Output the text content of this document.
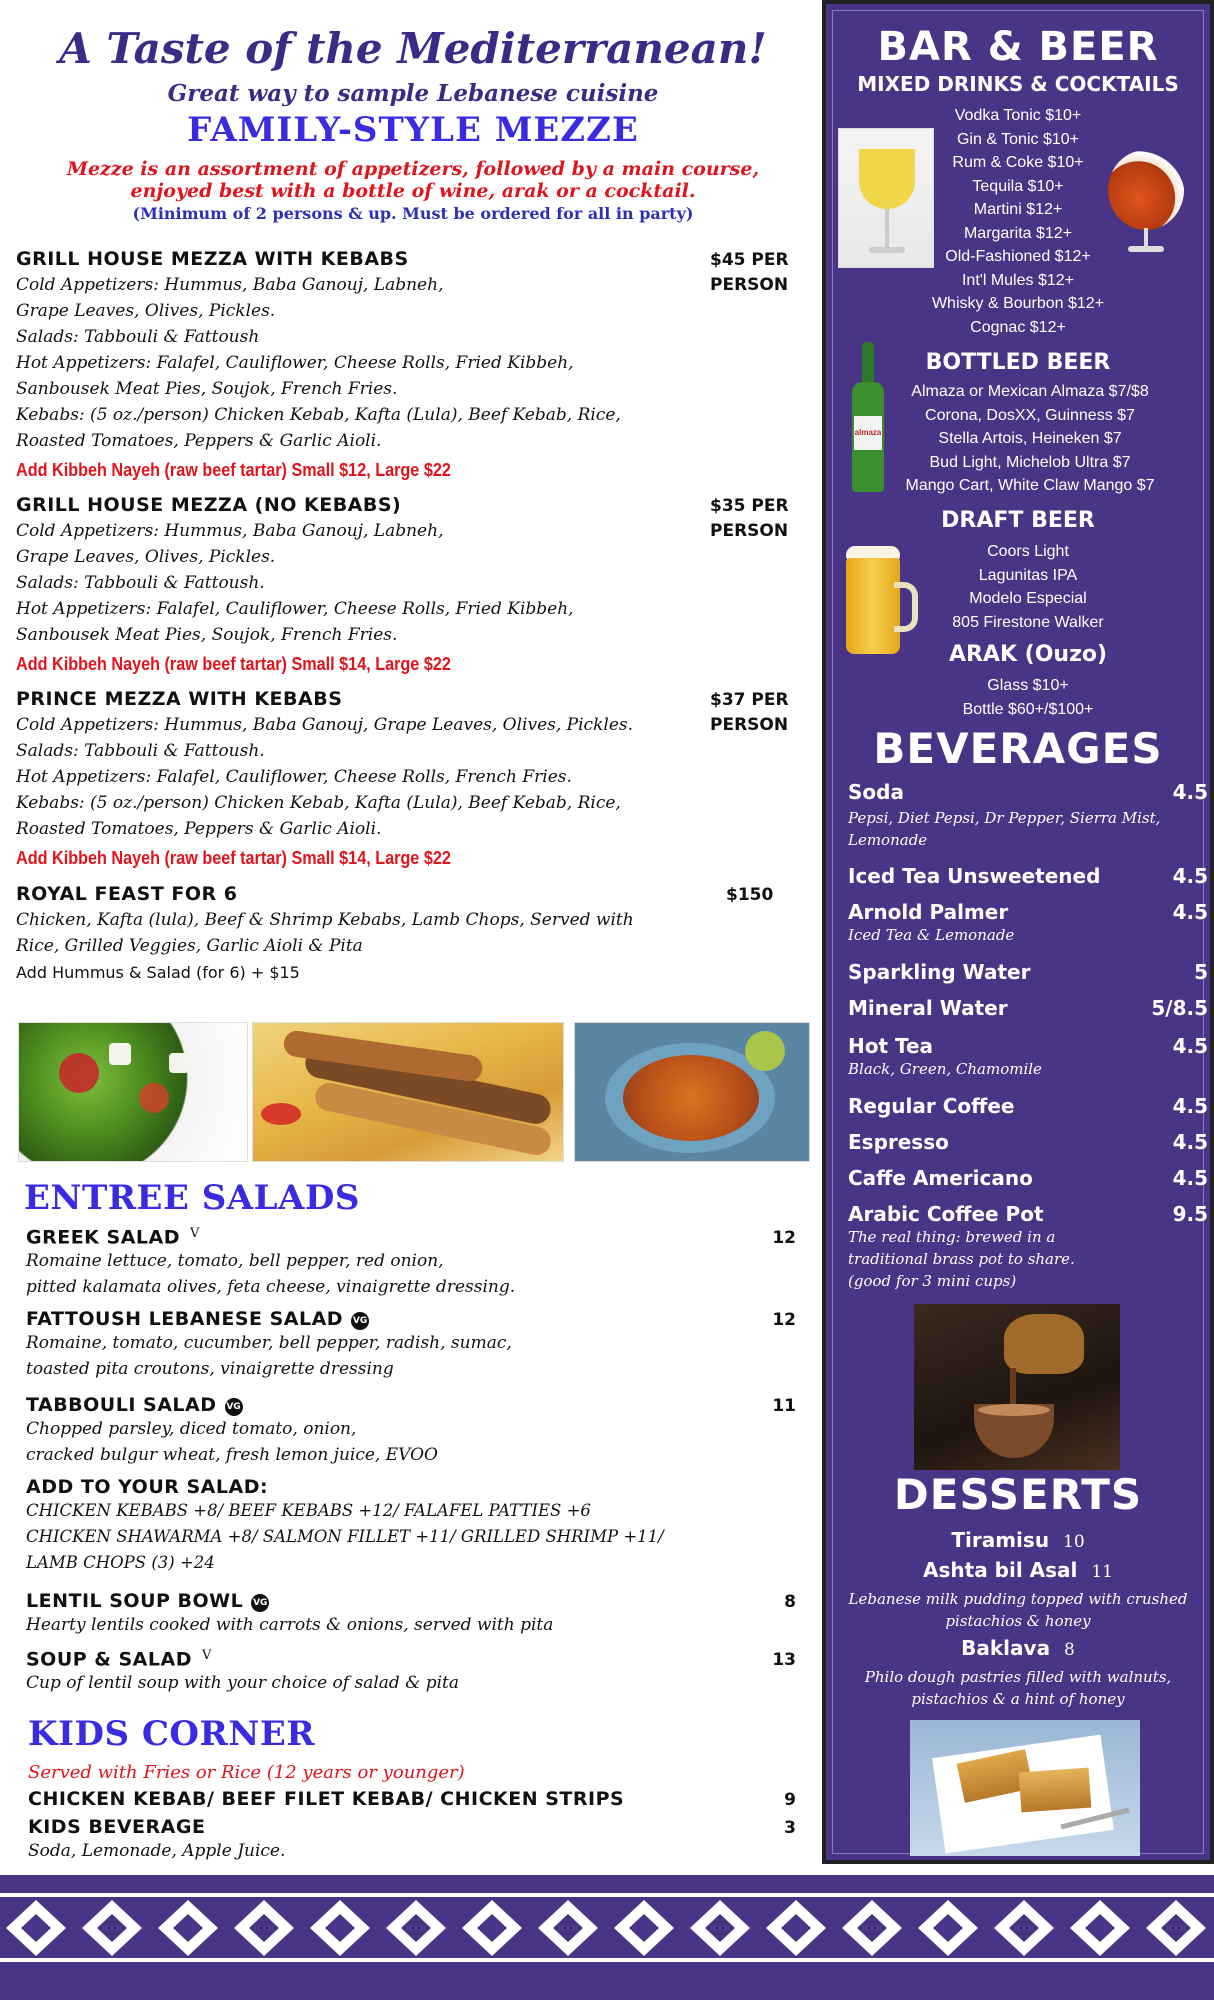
A Taste of the Mediterranean!
Great way to sample Lebanese cuisine
FAMILY-STYLE MEZZE
Mezze is an assortment of appetizers, followed by a main course,
enjoyed best with a bottle of wine, arak or a cocktail.
(Minimum of 2 persons & up. Must be ordered for all in party)
GRILL HOUSE MEZZA WITH KEBABS	$45 PER
PERSON
Cold Appetizers: Hummus, Baba Ganouj, Labneh,
Grape Leaves, Olives, Pickles.
Salads: Tabbouli & Fattoush
Hot Appetizers: Falafel, Cauliflower, Cheese Rolls, Fried Kibbeh,
Sanbousek Meat Pies, Soujok, French Fries.
Kebabs: (5 oz./person) Chicken Kebab, Kafta (Lula), Beef Kebab, Rice,
Roasted Tomatoes, Peppers & Garlic Aioli.
Add Kibbeh Nayeh (raw beef tartar) Small $12, Large $22
GRILL HOUSE MEZZA (NO KEBABS)	$35 PER
PERSON
Cold Appetizers: Hummus, Baba Ganouj, Labneh,
Grape Leaves, Olives, Pickles.
Salads: Tabbouli & Fattoush.
Hot Appetizers: Falafel, Cauliflower, Cheese Rolls, Fried Kibbeh,
Sanbousek Meat Pies, Soujok, French Fries.
Add Kibbeh Nayeh (raw beef tartar) Small $14, Large $22
PRINCE MEZZA WITH KEBABS	$37 PER
PERSON
Cold Appetizers: Hummus, Baba Ganouj, Grape Leaves, Olives, Pickles.
Salads: Tabbouli & Fattoush.
Hot Appetizers: Falafel, Cauliflower, Cheese Rolls, French Fries.
Kebabs: (5 oz./person) Chicken Kebab, Kafta (Lula), Beef Kebab, Rice,
Roasted Tomatoes, Peppers & Garlic Aioli.
Add Kibbeh Nayeh (raw beef tartar) Small $14, Large $22
ROYAL FEAST FOR 6	$150
Chicken, Kafta (lula), Beef & Shrimp Kebabs, Lamb Chops, Served with
Rice, Grilled Veggies, Garlic Aioli & Pita
Add Hummus & Salad (for 6) + $15
ENTREE SALADS
GREEK SALAD $^V$	12
Romaine lettuce, tomato, bell pepper, red onion,
pitted kalamata olives, feta cheese, vinaigrette dressing.
FATTOUSH LEBANESE SALAD VG	12
Romaine, tomato, cucumber, bell pepper, radish, sumac,
toasted pita croutons, vinaigrette dressing
TABBOULI SALAD VG	11
Chopped parsley, diced tomato, onion,
cracked bulgur wheat, fresh lemon juice, EVOO
ADD TO YOUR SALAD:
CHICKEN KEBABS +8/ BEEF KEBABS +12/ FALAFEL PATTIES +6
CHICKEN SHAWARMA +8/ SALMON FILLET +11/ GRILLED SHRIMP +11/
LAMB CHOPS (3) +24
LENTIL SOUP BOWL VG	8
Hearty lentils cooked with carrots & onions, served with pita
SOUP & SALAD $^V$	13
Cup of lentil soup with your choice of salad & pita
KIDS CORNER
Served with Fries or Rice (12 years or younger)
CHICKEN KEBAB/ BEEF FILET KEBAB/ CHICKEN STRIPS	9
KIDS BEVERAGE	3
Soda, Lemonade, Apple Juice.
BAR & BEER
MIXED DRINKS & COCKTAILS
Vodka Tonic $10+
Gin & Tonic $10+
Rum & Coke $10+
Tequila $10+
Martini $12+
Margarita $12+
Old-Fashioned $12+
Int'l Mules $12+
Whisky & Bourbon $12+
Cognac $12+
BOTTLED BEER
almaza
Almaza or Mexican Almaza $7/$8
Corona, DosXX, Guinness $7
Stella Artois, Heineken $7
Bud Light, Michelob Ultra $7
Mango Cart, White Claw Mango $7
DRAFT BEER
Coors Light
Lagunitas IPA
Modelo Especial
805 Firestone Walker
ARAK (Ouzo)
Glass $10+
Bottle $60+/$100+
BEVERAGES
Soda	4.5
Pepsi, Diet Pepsi, Dr Pepper, Sierra Mist,
Lemonade
Iced Tea Unsweetened	4.5
Arnold Palmer	4.5
Iced Tea & Lemonade
Sparkling Water	5
Mineral Water	5/8.5
Hot Tea	4.5
Black, Green, Chamomile
Regular Coffee	4.5
Espresso	4.5
Caffe Americano	4.5
Arabic Coffee Pot	9.5
The real thing: brewed in a
traditional brass pot to share.
(good for 3 mini cups)
DESSERTS
Tiramisu 10
Ashta bil Asal 11
Lebanese milk pudding topped with crushed
pistachios & honey
Baklava 8
Philo dough pastries filled with walnuts,
pistachios & a hint of honey
